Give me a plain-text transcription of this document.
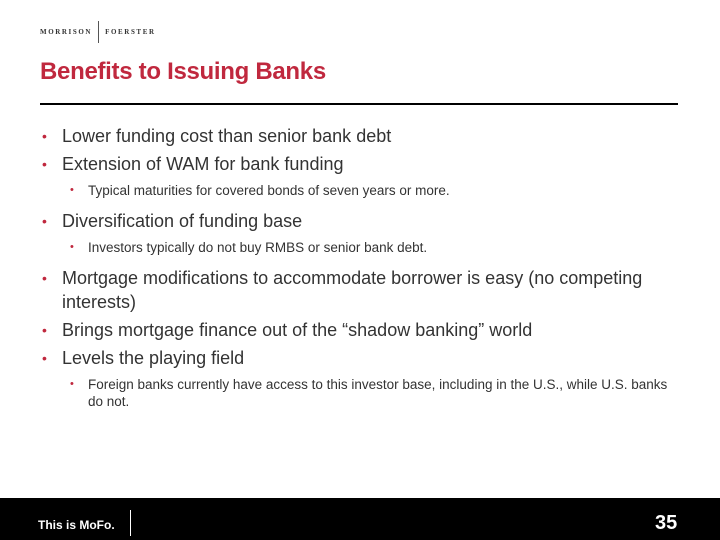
MORRISON FOERSTER
Benefits to Issuing Banks
• Lower funding cost than senior bank debt
• Extension of WAM for bank funding
• Typical maturities for covered bonds of seven years or more.
• Diversification of funding base
• Investors typically do not buy RMBS or senior bank debt.
• Mortgage modifications to accommodate borrower is easy (no competing interests)
• Brings mortgage finance out of the “shadow banking” world
• Levels the playing field
• Foreign banks currently have access to this investor base, including in the U.S., while U.S. banks do not.
This is MoFo.	35
